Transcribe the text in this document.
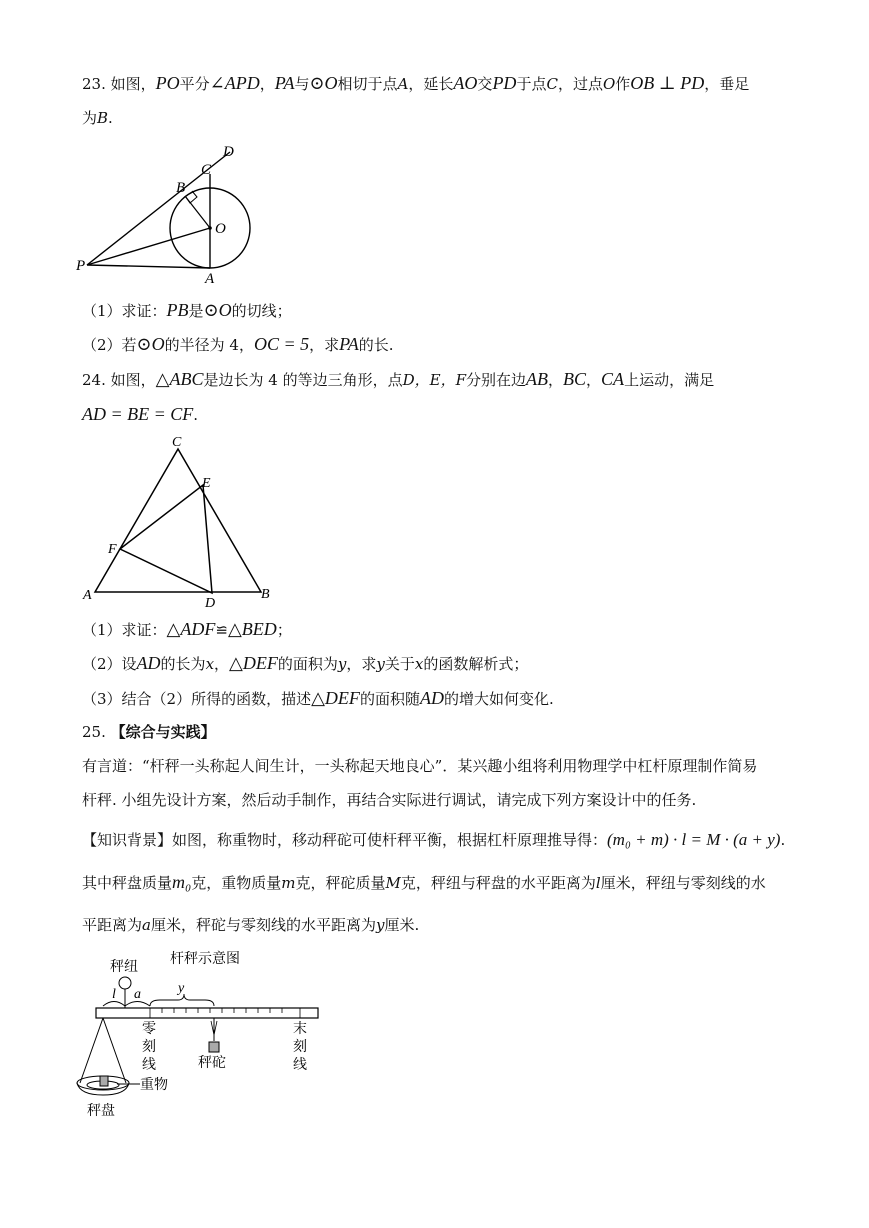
23. 如图，PO平分∠APD，PA与⊙O相切于点A，延长AO交PD于点C，过点O作OB ⊥ PD，垂足
为B.
D
C
B
O
P
A
（1）求证：PB是⊙O的切线；
（2）若⊙O的半径为 4，OC = 5，求PA的长.
24. 如图，△ABC是边长为 4 的等边三角形，点D，E，F分别在边AB，BC，CA上运动，满足
AD = BE = CF.
C
E
F
A
D
B
（1）求证：△ADF≌△BED；
（2）设AD的长为x，△DEF的面积为y，求y关于x的函数解析式；
（3）结合（2）所得的函数，描述△DEF的面积随AD的增大如何变化.
25. 【综合与实践】
有言道：“杆秤一头称起人间生计，一头称起天地良心”．某兴趣小组将利用物理学中杠杆原理制作简易
杆秤. 小组先设计方案，然后动手制作，再结合实际进行调试，请完成下列方案设计中的任务.
【知识背景】如图，称重物时，移动秤砣可使杆秤平衡，根据杠杆原理推导得：(m₀ + m) · l = M · (a + y).
其中秤盘质量m₀克，重物质量m克，秤砣质量M克，秤纽与秤盘的水平距离为l厘米，秤纽与零刻线的水
平距离为a厘米，秤砣与零刻线的水平距离为y厘米.
杆秤示意图
秤纽
l a	y
零
刻
线	秤砣
末
刻
线
重物
秤盘
